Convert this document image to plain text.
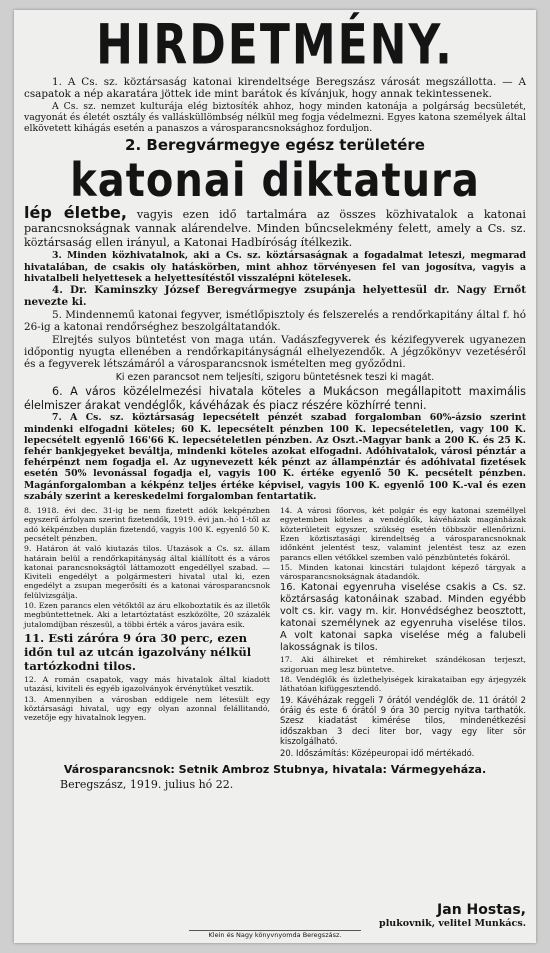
HIRDETMÉNY.

1. A Cs. sz. köztársaság katonai kirendeltsége Beregszász városát megszállotta. — A csapatok a nép akaratára jöttek ide mint barátok és kívánjuk, hogy annak tekintessenek.

A Cs. sz. nemzet kulturája elég biztosíték ahhoz, hogy minden katonája a polgárság becsületét, vagyonát és életét osztály és vallásküllömbség nélkül meg fogja védelmezni. Egyes katona személyek által elkövetett kihágás esetén a panaszos a városparancsnoksághoz forduljon.

2. Beregvármegye egész területére
katonai diktatura

lép életbe, vagyis ezen idő tartalmára az összes közhivatalok a katonai parancsnokságnak vannak alárendelve. Minden bűncselekmény felett, amely a Cs. sz. köztársaság ellen irányul, a Katonai Hadbíróság ítélkezik.

3. Minden közhivatalnok, aki a Cs. sz. köztársaságnak a fogadalmat leteszi, megmarad hivatalában, de csakis oly hatáskörben, mint ahhoz törvényesen fel van jogosítva, vagyis a hivatalbeli helyettesek a helyettesítéstől visszalépni kötelesek.

4. Dr. Kaminszky József Beregvármegye zsupánja helyettesül dr. Nagy Ernőt nevezte ki.

5. Mindennemű katonai fegyver, ismétlőpisztoly és felszerelés a rendőrkapitány által f. hó 26-ig a katonai rendőrséghez beszolgáltatandók.

Elrejtés sulyos büntetést von maga után. Vadászfegyverek és kézifegyverek ugyanezen időpontig nyugta ellenében a rendőrkapitányságnál elhelyezendők. A jégzőkönyv vezetéséről és a fegyverek létszámáról a városparancsnok ismételten meg győződni.

Ki ezen parancsot nem teljesíti, szigoru büntetésnek teszi ki magát.

6. A város közélelmezési hivatala köteles a Mukácson megállapitott maximális élelmiszer árakat vendéglők, kávéházak és piacz részére közhírré tenni.

7. A Cs. sz. köztársaság lepecsételt pénzét szabad forgalomban 60%-ázsio szerint mindenki elfogadni köteles; 60 K. lepecsételt pénzben 100 K. lepecsételetlen, vagy 100 K. lepecsételt egyenlő 166'66 K. lepecsételetlen pénzben. Az Oszt.-Magyar bank a 200 K. és 25 K. fehér bankjegyeket beváltja, mindenki köteles azokat elfogadni. Adóhivatalok, városi pénztár a fehérpénzt nem fogadja el. Az ugynevezett kék pénzt az állampénztár és adóhivatal fizetések esetén 50% levonással fogadja el, vagyis 100 K. értéke egyenlő 50 K. pecsételt pénzben. Magánforgalomban a kékpénz teljes értéke képvisel, vagyis 100 K. egyenlő 100 K.-val és ezen szabály szerint a kereskedelmi forgalomban fentartatik.

8. 1918. évi dec. 31-ig be nem fizetett adók kekpénzben egyszerű árfolyam szerint fizetendők, 1919. évi jan.-hó 1-től az adó kékpénzben duplán fizetendő, vagyis 100 K. egyenlő 50 K. pecsételt pénzben.

9. Határon át való kiutazás tilos. Utazások a Cs. sz. állam határain belül a rendőrkapitányság által kiállított és a város katonai parancsnokságtól láttamozott engedéllyel szabad. — Kiviteli engedélyt a polgármesteri hivatal utal ki, ezen engedélyt a zsupan megerősíti és a katonai városparancsnok felülvizsgálja.

10. Ezen parancs elen vétőktől az áru elkoboztatik és az illetők megbüntettetnek. Aki a letartóztatást eszközölte, 20 százalék jutalomdíjban részesül, a többi érték a város javára esik.

11. Esti záróra 9 óra 30 perc, ezen időn tul az utcán igazolvány nélkül tartózkodni tilos.

12. A román csapatok, vagy más hivatalok által kiadott utazási, kiviteli és egyéb igazolványok érvénytüket vesztik.

13. Amennyiben a városban eddigele nem létesült egy köztársasági hivatal, ugy egy olyan azonnal felállitandó, vezetője egy hivatalnok legyen.

14. A városi főorvos, két polgár és egy katonai személlyel egyetemben köteles a vendéglők, kávéházak magánházak közterületeit egyszer, szükség esetén többször ellenőrizni. Ezen köztisztasági kirendeltség a városparancsnoknak időnként jelentést tesz, valamint jelentést tesz az ezen parancs ellen vétőkkel szemben való pénzbüntetés fokáról.

15. Minden katonai kincstári tulajdont képező tárgyak a városparancsnokságnak átadandók.

16. Katonai egyenruha viselése csakis a Cs. sz. köztársaság katonáinak szabad. Minden egyébb volt cs. kir. vagy m. kir. Honvédséghez beosztott, katonai személynek az egyenruha viselése tilos. A volt katonai sapka viselése még a falubeli lakosságnak is tilos.

17. Aki álhireket et rémhireket szándékosan terjeszt, szigoruan meg lesz büntetve.

18. Vendéglők és üzlethelyiségek kirakataiban egy árjegyzék láthatóan kifüggesztendő.

19. Kávéházak reggeli 7 órától vendéglők de. 11 órától 2 óráig és este 6 órától 9 óra 30 percig nyitva tarthatók. Szesz kiadatást kimérése tilos, mindenétkezési időszakban 3 deci liter bor, vagy egy liter sör kiszolgálható.

20. Időszámítás: Középeuropai idő mértékadó.

Városparancsnok: Setnik Ambroz Stubnya, hivatala: Vármegyeháza.
Beregszász, 1919. julius hó 22.
Jan Hostas,
plukovnik, velitel Munkács.
Klein és Nagy könyvnyomda Beregszász.
